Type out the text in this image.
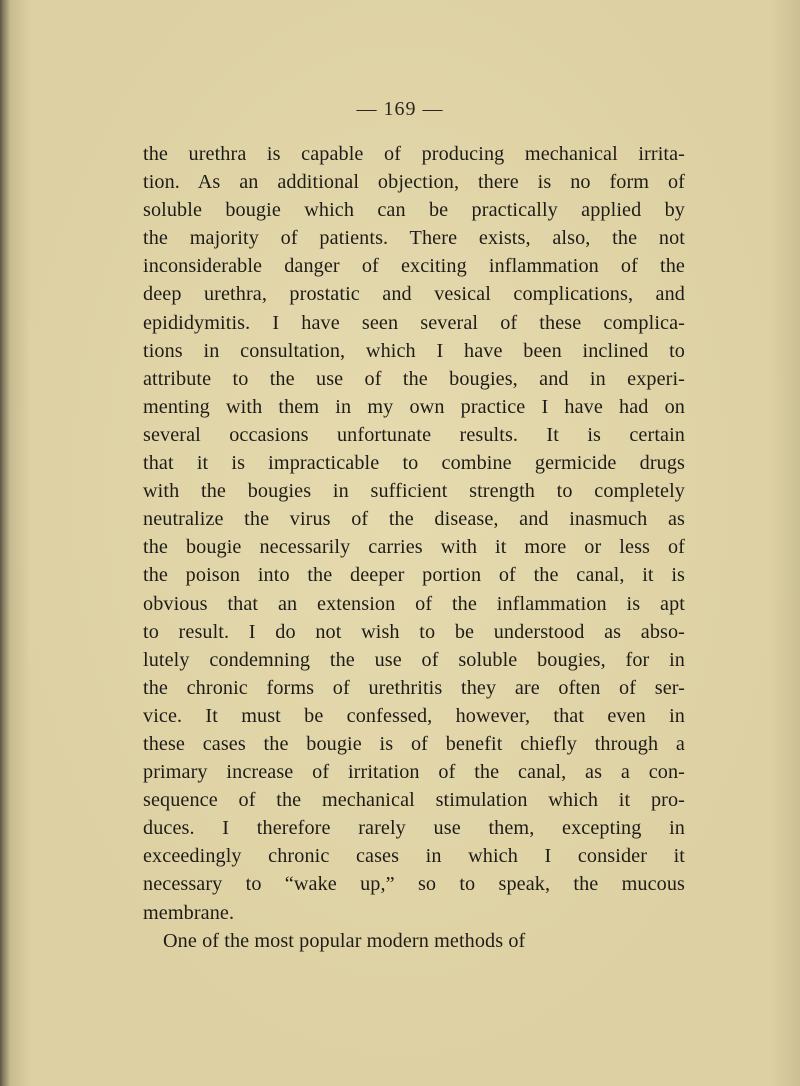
— 169 —
the urethra is capable of producing mechanical irrita-
tion. As an additional objection, there is no form of
soluble bougie which can be practically applied by
the majority of patients. There exists, also, the not
inconsiderable danger of exciting inflammation of the
deep urethra, prostatic and vesical complications, and
epididymitis. I have seen several of these complica-
tions in consultation, which I have been inclined to
attribute to the use of the bougies, and in experi-
menting with them in my own practice I have had on
several occasions unfortunate results. It is certain
that it is impracticable to combine germicide drugs
with the bougies in sufficient strength to completely
neutralize the virus of the disease, and inasmuch as
the bougie necessarily carries with it more or less of
the poison into the deeper portion of the canal, it is
obvious that an extension of the inflammation is apt
to result. I do not wish to be understood as abso-
lutely condemning the use of soluble bougies, for in
the chronic forms of urethritis they are often of ser-
vice. It must be confessed, however, that even in
these cases the bougie is of benefit chiefly through a
primary increase of irritation of the canal, as a con-
sequence of the mechanical stimulation which it pro-
duces. I therefore rarely use them, excepting in
exceedingly chronic cases in which I consider it
necessary to “wake up,” so to speak, the mucous
membrane.
One of the most popular modern methods of
